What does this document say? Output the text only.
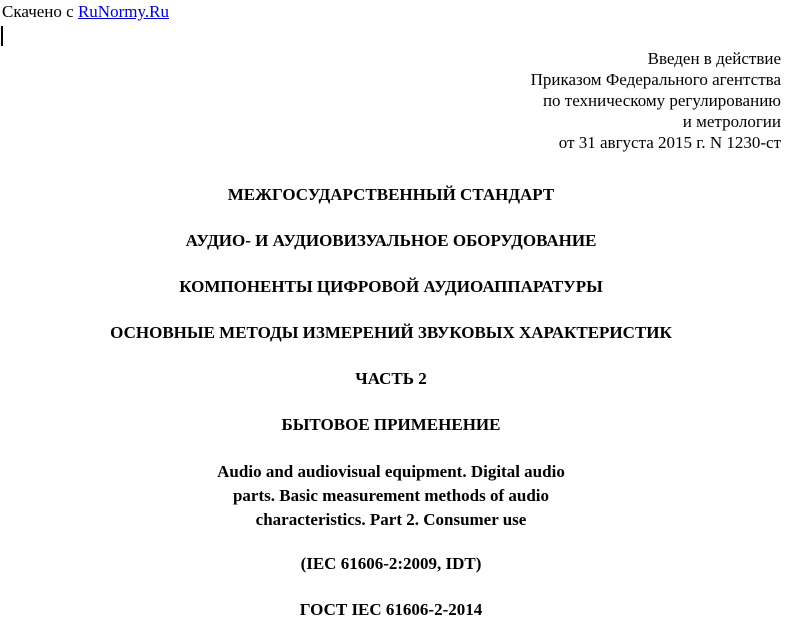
Скачено с RuNormy.Ru
Введен в действие
Приказом Федерального агентства
по техническому регулированию
и метрологии
от 31 августа 2015 г. N 1230-ст
МЕЖГОСУДАРСТВЕННЫЙ СТАНДАРТ
АУДИО- И АУДИОВИЗУАЛЬНОЕ ОБОРУДОВАНИЕ
КОМПОНЕНТЫ ЦИФРОВОЙ АУДИОАППАРАТУРЫ
ОСНОВНЫЕ МЕТОДЫ ИЗМЕРЕНИЙ ЗВУКОВЫХ ХАРАКТЕРИСТИК
ЧАСТЬ 2
БЫТОВОЕ ПРИМЕНЕНИЕ
Audio and audiovisual equipment. Digital audio
parts. Basic measurement methods of audio
characteristics. Part 2. Consumer use
(IEC 61606-2:2009, IDT)
ГОСТ IEC 61606-2-2014
